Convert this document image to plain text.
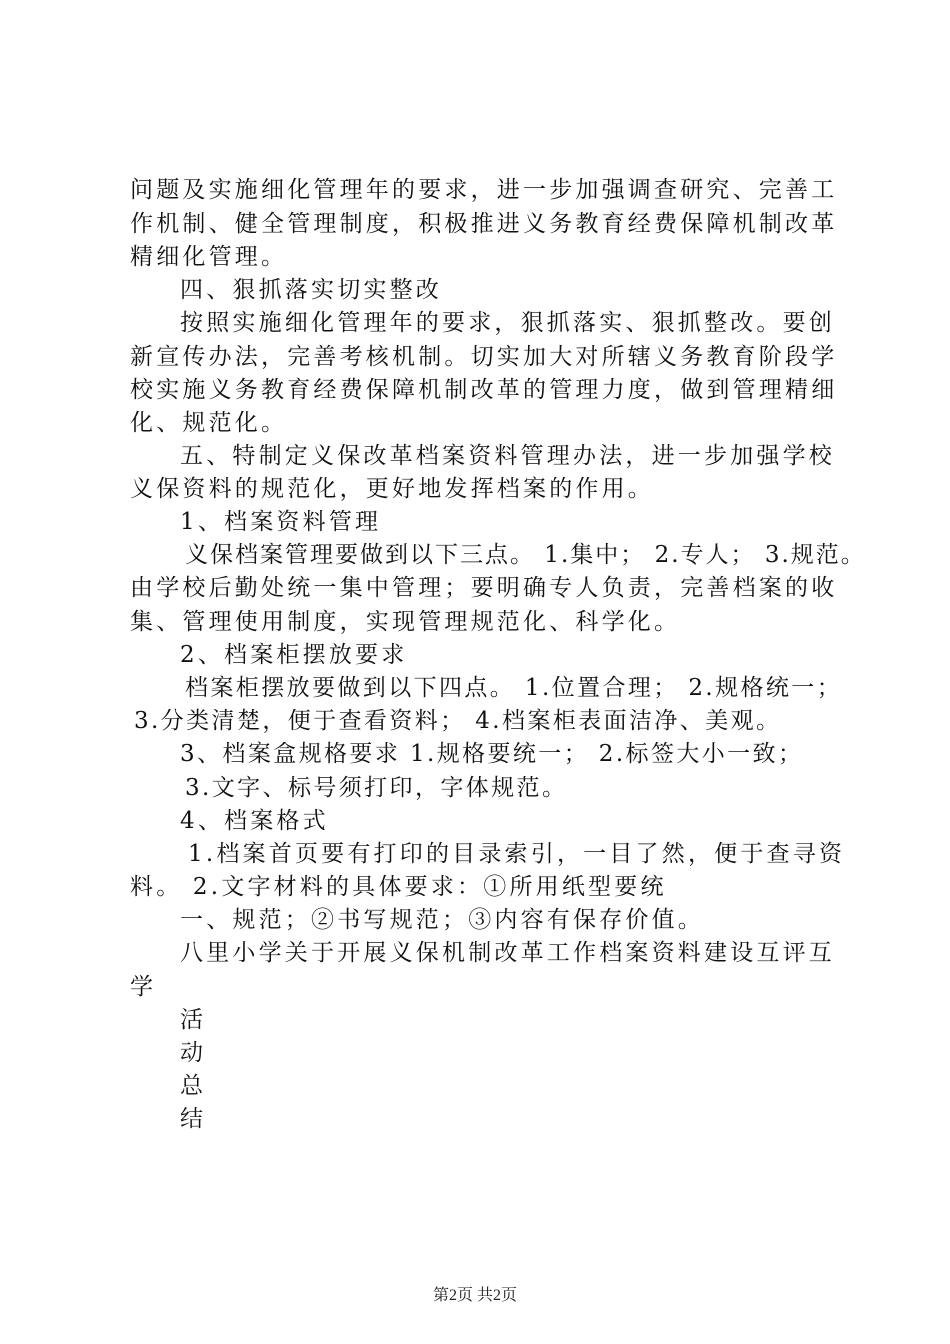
问题及实施细化管理年的要求，进一步加强调查研究、完善工
作机制、健全管理制度，积极推进义务教育经费保障机制改革
精细化管理。
四、狠抓落实切实整改
按照实施细化管理年的要求，狠抓落实、狠抓整改。要创
新宣传办法，完善考核机制。切实加大对所辖义务教育阶段学
校实施义务教育经费保障机制改革的管理力度，做到管理精细
化、规范化。
五、特制定义保改革档案资料管理办法，进一步加强学校
义保资料的规范化，更好地发挥档案的作用。
1、档案资料管理
义保档案管理要做到以下三点。 1.集中； 2.专人； 3.规范。
由学校后勤处统一集中管理；要明确专人负责，完善档案的收
集、管理使用制度，实现管理规范化、科学化。
2、档案柜摆放要求
档案柜摆放要做到以下四点。 1.位置合理； 2.规格统一；
3.分类清楚，便于查看资料； 4.档案柜表面洁净、美观。
3、档案盒规格要求 1.规格要统一； 2.标签大小一致；
3.文字、标号须打印，字体规范。
4、档案格式
1.档案首页要有打印的目录索引，一目了然，便于查寻资
料。 2.文字材料的具体要求：①所用纸型要统
一、规范；②书写规范；③内容有保存价值。
八里小学关于开展义保机制改革工作档案资料建设互评互
学
活
动
总
结
第2页 共2页
